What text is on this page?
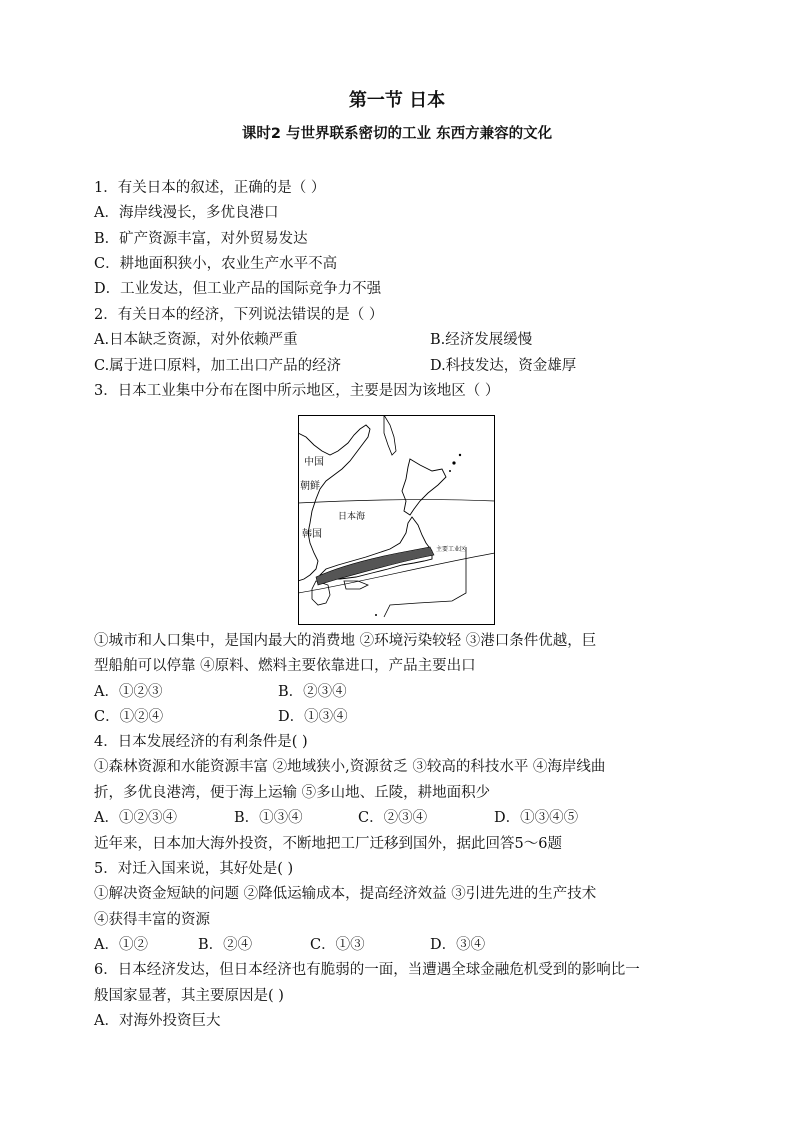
第一节 日本
课时2 与世界联系密切的工业 东西方兼容的文化
1．有关日本的叙述，正确的是（ ）
A．海岸线漫长，多优良港口
B．矿产资源丰富，对外贸易发达
C．耕地面积狭小，农业生产水平不高
D．工业发达，但工业产品的国际竞争力不强
2．有关日本的经济，下列说法错误的是（ ）
A.日本缺乏资源，对外依赖严重	B.经济发展缓慢
C.属于进口原料，加工出口产品的经济	D.科技发达，资金雄厚
3．日本工业集中分布在图中所示地区，主要是因为该地区（ ）
中国
朝鲜
日本海
韩国
主要工业区
①城市和人口集中，是国内最大的消费地 ②环境污染较轻 ③港口条件优越，巨
型船舶可以停靠 ④原料、燃料主要依靠进口，产品主要出口
A．①②③	B．②③④
C．①②④	D．①③④
4．日本发展经济的有利条件是( )
①森林资源和水能资源丰富 ②地域狭小,资源贫乏 ③较高的科技水平 ④海岸线曲
折，多优良港湾，便于海上运输 ⑤多山地、丘陵，耕地面积少
A．①②③④	B．①③④	C．②③④	D．①③④⑤
近年来，日本加大海外投资，不断地把工厂迁移到国外，据此回答5～6题
5．对迁入国来说，其好处是( )
①解决资金短缺的问题 ②降低运输成本，提高经济效益 ③引进先进的生产技术
④获得丰富的资源
A．①②	B．②④	C．①③	D．③④
6．日本经济发达，但日本经济也有脆弱的一面，当遭遇全球金融危机受到的影响比一
般国家显著，其主要原因是( )
A．对海外投资巨大
